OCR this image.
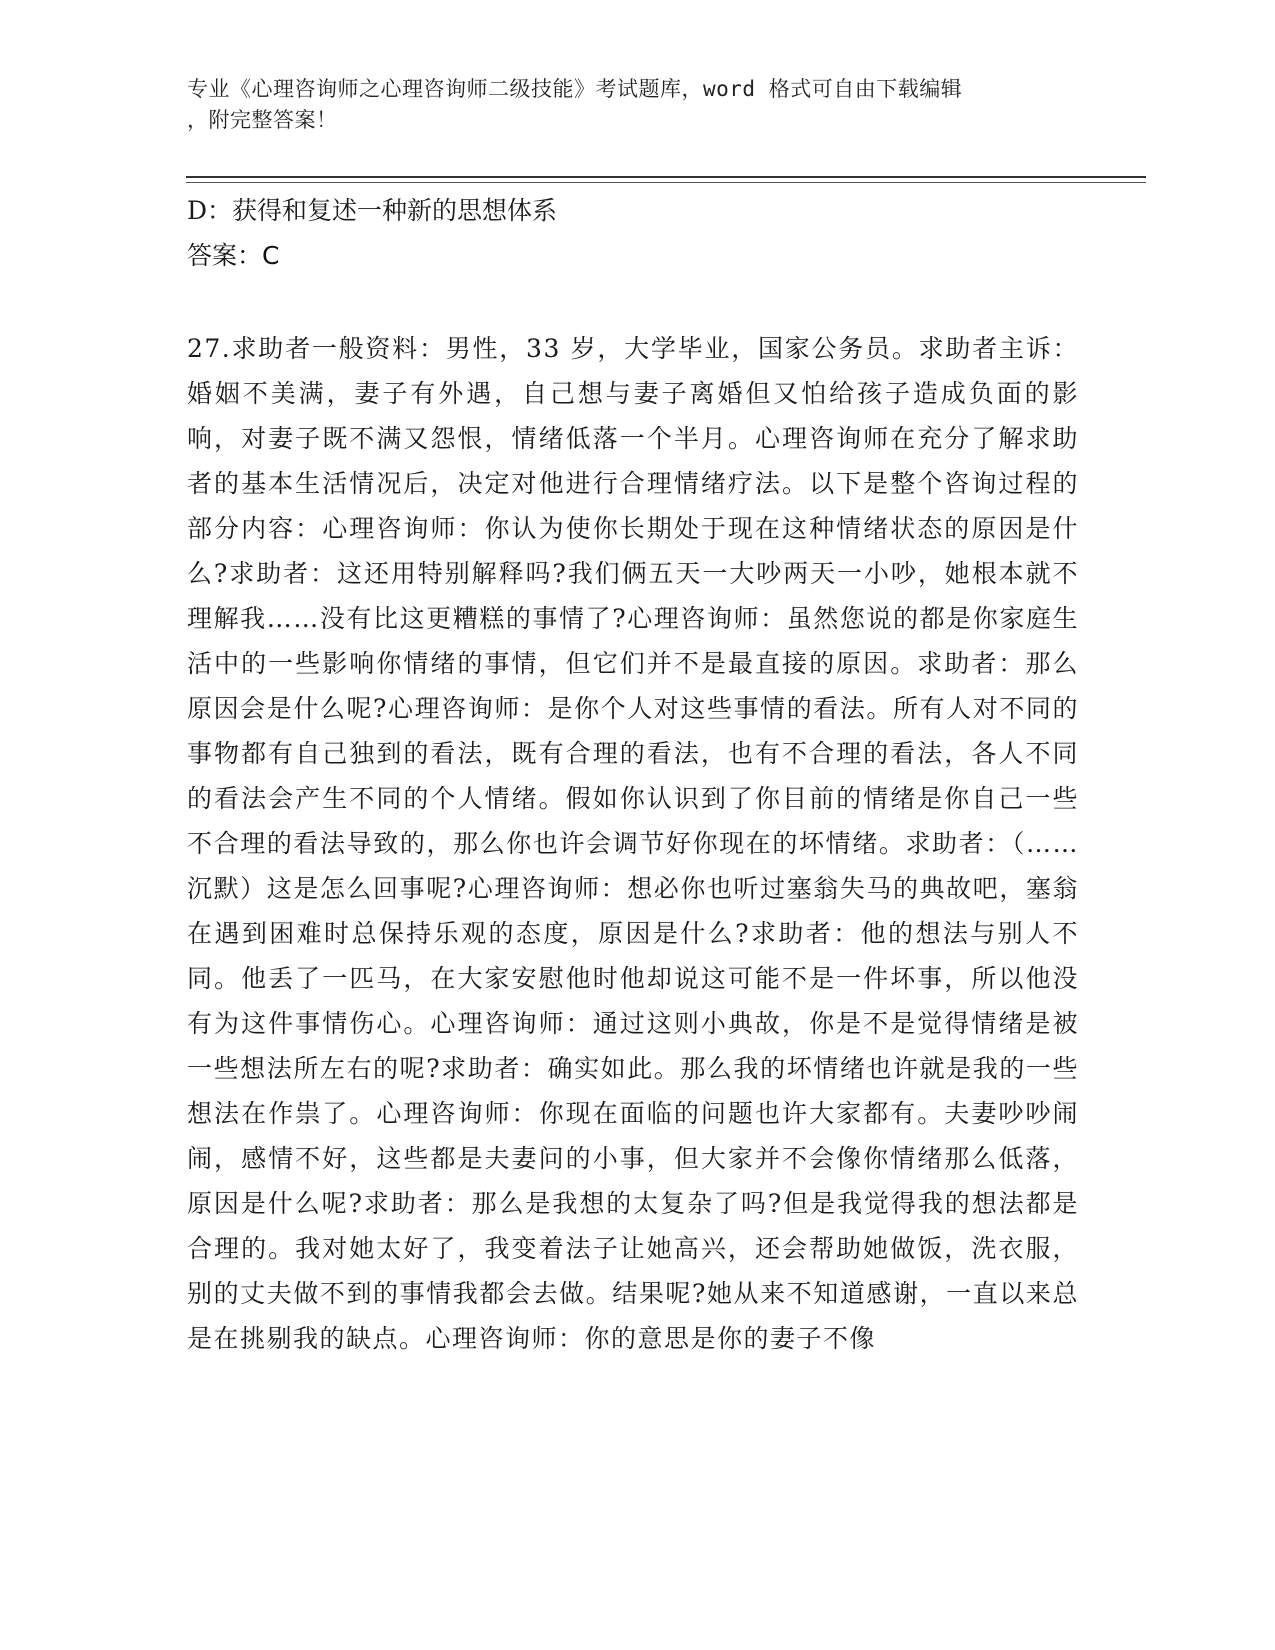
专业《心理咨询师之心理咨询师二级技能》考试题库，word 格式可自由下载编辑
，附完整答案！
D：获得和复述一种新的思想体系
答案：C

27.求助者一般资料：男性，33 岁，大学毕业，国家公务员。求助者主诉：婚姻不美满，妻子有外遇，自己想与妻子离婚但又怕给孩子造成负面的影响，对妻子既不满又怨恨，情绪低落一个半月。心理咨询师在充分了解求助者的基本生活情况后，决定对他进行合理情绪疗法。以下是整个咨询过程的部分内容：心理咨询师：你认为使你长期处于现在这种情绪状态的原因是什么?求助者：这还用特别解释吗?我们俩五天一大吵两天一小吵，她根本就不理解我……没有比这更糟糕的事情了?心理咨询师：虽然您说的都是你家庭生活中的一些影响你情绪的事情，但它们并不是最直接的原因。求助者：那么原因会是什么呢?心理咨询师：是你个人对这些事情的看法。所有人对不同的事物都有自己独到的看法，既有合理的看法，也有不合理的看法，各人不同的看法会产生不同的个人情绪。假如你认识到了你目前的情绪是你自己一些不合理的看法导致的，那么你也许会调节好你现在的坏情绪。求助者：（……沉默）这是怎么回事呢?心理咨询师：想必你也听过塞翁失马的典故吧，塞翁在遇到困难时总保持乐观的态度，原因是什么?求助者：他的想法与别人不同。他丢了一匹马，在大家安慰他时他却说这可能不是一件坏事，所以他没有为这件事情伤心。心理咨询师：通过这则小典故，你是不是觉得情绪是被一些想法所左右的呢?求助者：确实如此。那么我的坏情绪也许就是我的一些想法在作祟了。心理咨询师：你现在面临的问题也许大家都有。夫妻吵吵闹闹，感情不好，这些都是夫妻问的小事，但大家并不会像你情绪那么低落，原因是什么呢?求助者：那么是我想的太复杂了吗?但是我觉得我的想法都是合理的。我对她太好了，我变着法子让她高兴，还会帮助她做饭，洗衣服，别的丈夫做不到的事情我都会去做。结果呢?她从来不知道感谢，一直以来总是在挑剔我的缺点。心理咨询师：你的意思是你的妻子不像
